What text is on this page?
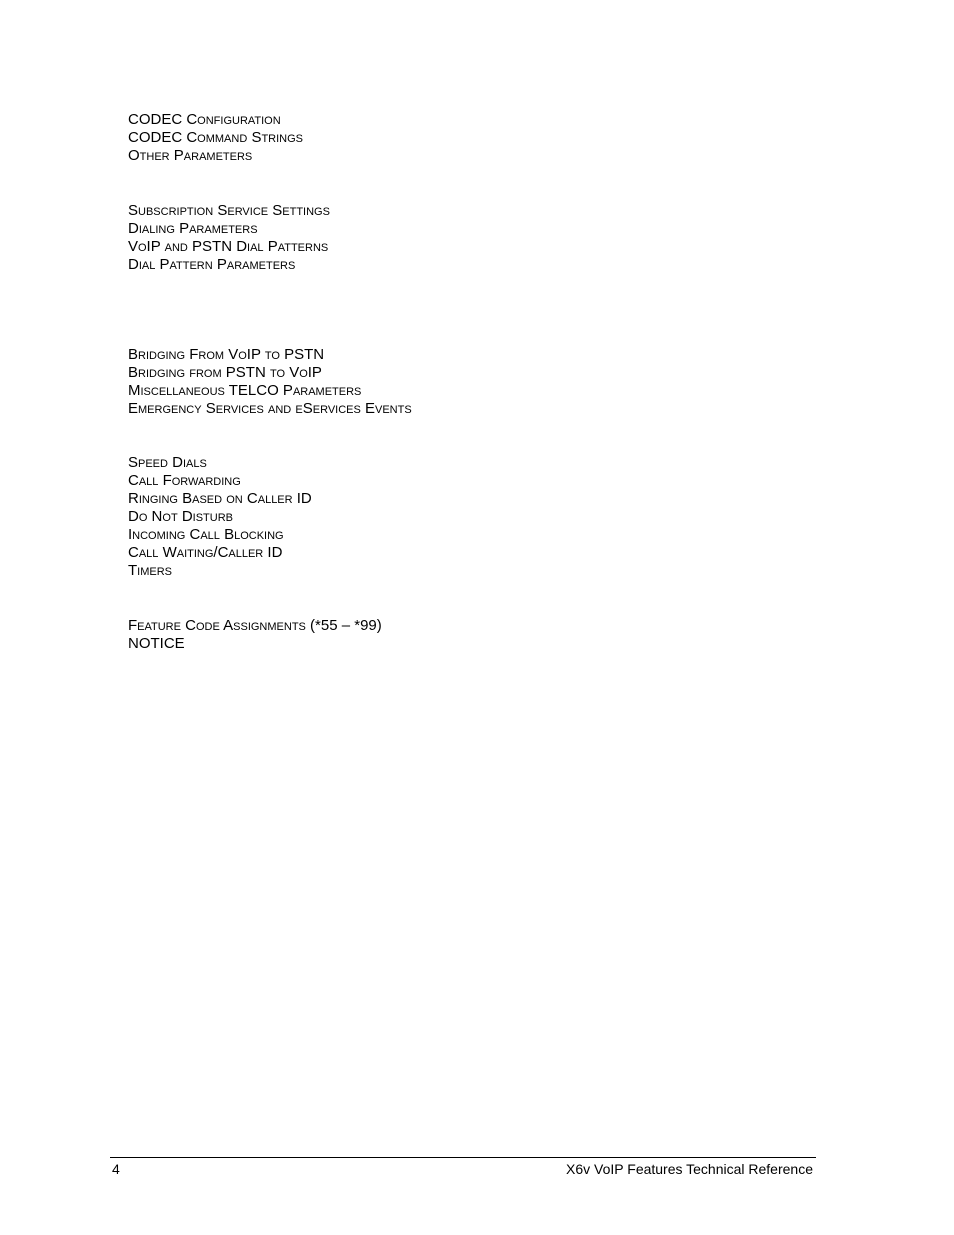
CODEC Configuration
CODEC Command Strings
Other Parameters
Subscription Service Settings
Dialing Parameters
VoIP and PSTN Dial Patterns
Dial Pattern Parameters
Bridging From VoIP to PSTN
Bridging from PSTN to VoIP
Miscellaneous TELCO Parameters
Emergency Services and eServices Events
Speed Dials
Call Forwarding
Ringing Based on Caller ID
Do Not Disturb
Incoming Call Blocking
Call Waiting/Caller ID
Timers
Feature Code Assignments (*55 – *99)
NOTICE
4	X6v VoIP Features Technical Reference
